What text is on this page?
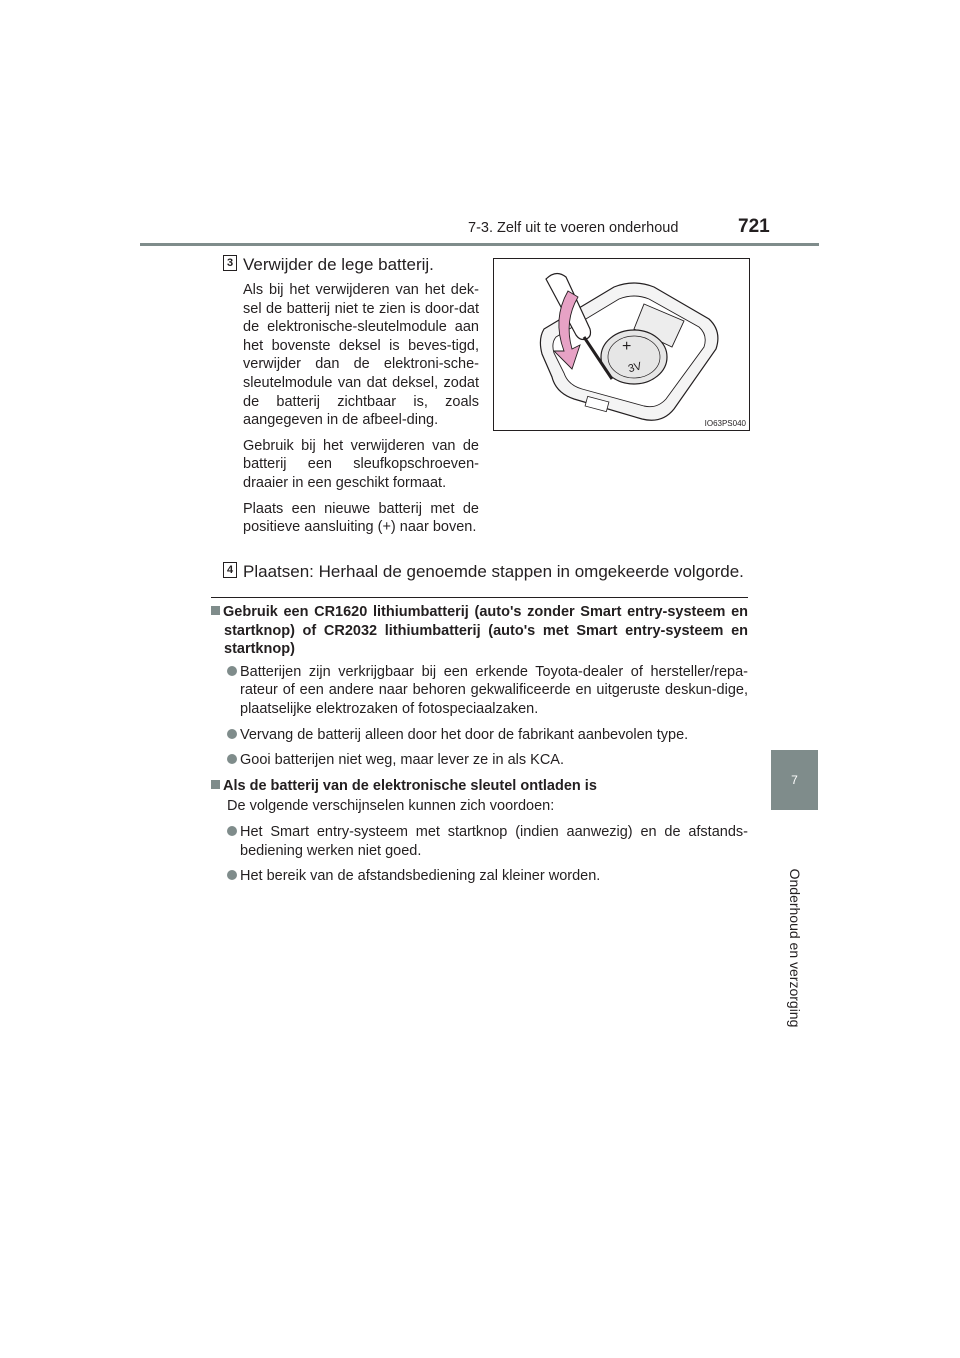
7-3. Zelf uit te voeren onderhoud	721
7
Onderhoud en verzorging
3 Verwijder de lege batterij.

Als bij het verwijderen van het dek-sel de batterij niet te zien is door-dat de elektronische-sleutelmodule aan het bovenste deksel is beves-tigd, verwijder dan de elektroni-sche-sleutelmodule van dat deksel, zodat de batterij zichtbaar is, zoals aangegeven in de afbeel-ding.

Gebruik bij het verwijderen van de batterij een sleufkopschroeven-draaier in een geschikt formaat.

Plaats een nieuwe batterij met de positieve aansluiting (+) naar boven.

+
3V
IO63PS040
4 Plaatsen: Herhaal de genoemde stappen in omgekeerde volgorde.

Gebruik een CR1620 lithiumbatterij (auto's zonder Smart entry-systeem en startknop) of CR2032 lithiumbatterij (auto's met Smart entry-systeem en startknop)

Batterijen zijn verkrijgbaar bij een erkende Toyota-dealer of hersteller/repa-rateur of een andere naar behoren gekwalificeerde en uitgeruste deskun-dige, plaatselijke elektrozaken of fotospeciaalzaken.

Vervang de batterij alleen door het door de fabrikant aanbevolen type.

Gooi batterijen niet weg, maar lever ze in als KCA.

Als de batterij van de elektronische sleutel ontladen is

De volgende verschijnselen kunnen zich voordoen:

Het Smart entry-systeem met startknop (indien aanwezig) en de afstands-bediening werken niet goed.

Het bereik van de afstandsbediening zal kleiner worden.
